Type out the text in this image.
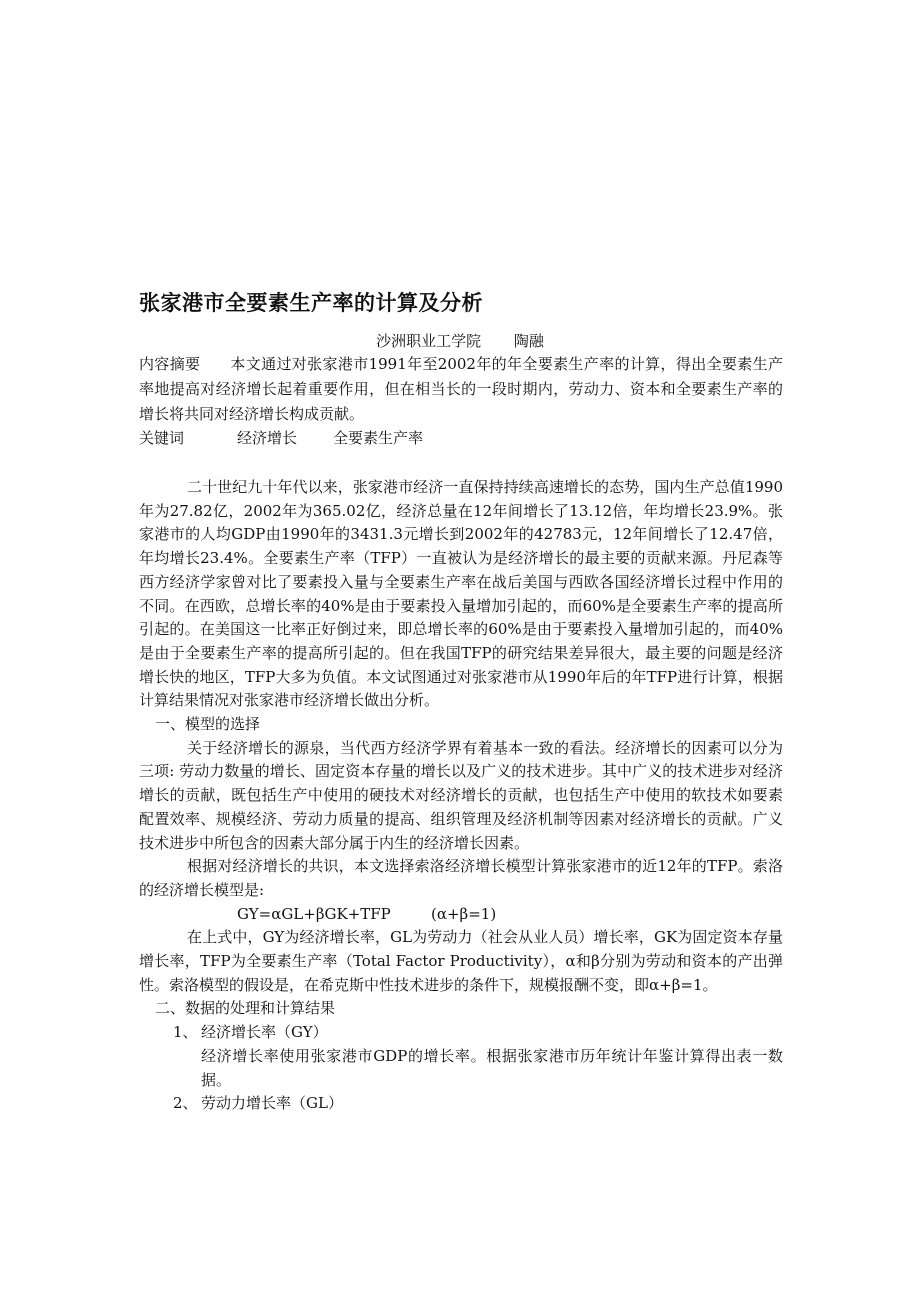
张家港市全要素生产率的计算及分析
沙洲职业工学院 陶融
内容摘要 本文通过对张家港市1991年至2002年的年全要素生产率的计算，得出全要素生产率地提高对经济增长起着重要作用，但在相当长的一段时期内，劳动力、资本和全要素生产率的增长将共同对经济增长构成贡献。
关键词	经济增长 全要素生产率

二十世纪九十年代以来，张家港市经济一直保持持续高速增长的态势，国内生产总值1990年为27.82亿，2002年为365.02亿，经济总量在12年间增长了13.12倍，年均增长23.9%。张家港市的人均GDP由1990年的3431.3元增长到2002年的42783元，12年间增长了12.47倍，年均增长23.4%。全要素生产率（TFP）一直被认为是经济增长的最主要的贡献来源。丹尼森等西方经济学家曾对比了要素投入量与全要素生产率在战后美国与西欧各国经济增长过程中作用的不同。在西欧，总增长率的40%是由于要素投入量增加引起的，而60%是全要素生产率的提高所引起的。在美国这一比率正好倒过来，即总增长率的60%是由于要素投入量增加引起的，而40%是由于全要素生产率的提高所引起的。但在我国TFP的研究结果差异很大，最主要的问题是经济增长快的地区，TFP大多为负值。本文试图通过对张家港市从1990年后的年TFP进行计算，根据计算结果情况对张家港市经济增长做出分析。

一、模型的选择

关于经济增长的源泉，当代西方经济学界有着基本一致的看法。经济增长的因素可以分为三项: 劳动力数量的增长、固定资本存量的增长以及广义的技术进步。其中广义的技术进步对经济增长的贡献，既包括生产中使用的硬技术对经济增长的贡献，也包括生产中使用的软技术如要素配置效率、规模经济、劳动力质量的提高、组织管理及经济机制等因素对经济增长的贡献。广义技术进步中所包含的因素大部分属于内生的经济增长因素。

根据对经济增长的共识，本文选择索洛经济增长模型计算张家港市的近12年的TFP。索洛的经济增长模型是:

GY=αGL+βGK+TFP	(α+β=1)

在上式中，GY为经济增长率，GL为劳动力（社会从业人员）增长率，GK为固定资本存量增长率，TFP为全要素生产率（Total Factor Productivity），α和β分别为劳动和资本的产出弹性。索洛模型的假设是，在希克斯中性技术进步的条件下，规模报酬不变，即α+β=1。

二、数据的处理和计算结果

1、 经济增长率（GY）

经济增长率使用张家港市GDP的增长率。根据张家港市历年统计年鉴计算得出表一数据。

2、 劳动力增长率（GL）
